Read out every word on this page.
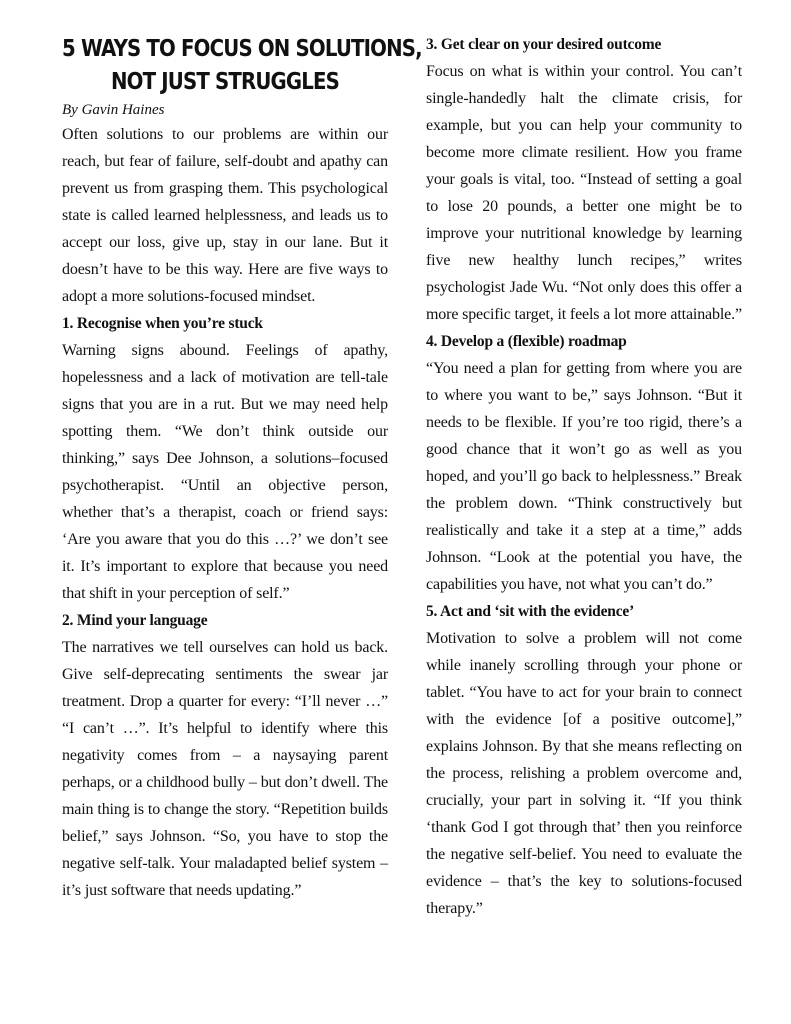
5 WAYS TO FOCUS ON SOLUTIONS,
NOT JUST STRUGGLES
By Gavin Haines

Often solutions to our problems are within our reach, but fear of failure, self-doubt and apathy can prevent us from grasping them. This psychological state is called learned helplessness, and leads us to accept our loss, give up, stay in our lane. But it doesn’t have to be this way. Here are five ways to adopt a more solutions-focused mindset.

1. Recognise when you’re stuck

Warning signs abound. Feelings of apathy, hopelessness and a lack of motivation are tell-tale signs that you are in a rut. But we may need help spotting them. “We don’t think outside our thinking,” says Dee Johnson, a solutions–focused psychotherapist. “Until an objective person, whether that’s a therapist, coach or friend says: ‘Are you aware that you do this …?’ we don’t see it. It’s important to explore that because you need that shift in your perception of self.”

2. Mind your language

The narratives we tell ourselves can hold us back. Give self-deprecating sentiments the swear jar treatment. Drop a quarter for every: “I’ll never …” “I can’t …”. It’s helpful to identify where this negativity comes from – a naysaying parent perhaps, or a childhood bully – but don’t dwell. The main thing is to change the story. “Repetition builds belief,” says Johnson. “So, you have to stop the negative self-talk. Your maladapted belief system – it’s just software that needs updating.”

3. Get clear on your desired outcome

Focus on what is within your control. You can’t single-handedly halt the climate crisis, for example, but you can help your community to become more climate resilient. How you frame your goals is vital, too. “Instead of setting a goal to lose 20 pounds, a better one might be to improve your nutritional knowledge by learning five new healthy lunch recipes,” writes psychologist Jade Wu. “Not only does this offer a more specific target, it feels a lot more attainable.”

4. Develop a (flexible) roadmap

“You need a plan for getting from where you are to where you want to be,” says Johnson. “But it needs to be flexible. If you’re too rigid, there’s a good chance that it won’t go as well as you hoped, and you’ll go back to helplessness.” Break the problem down. “Think constructively but realistically and take it a step at a time,” adds Johnson. “Look at the potential you have, the capabilities you have, not what you can’t do.”

5. Act and ‘sit with the evidence’

Motivation to solve a problem will not come while inanely scrolling through your phone or tablet. “You have to act for your brain to connect with the evidence [of a positive outcome],” explains Johnson. By that she means reflecting on the process, relishing a problem overcome and, crucially, your part in solving it. “If you think ‘thank God I got through that’ then you reinforce the negative self-belief. You need to evaluate the evidence – that’s the key to solutions-focused therapy.”
